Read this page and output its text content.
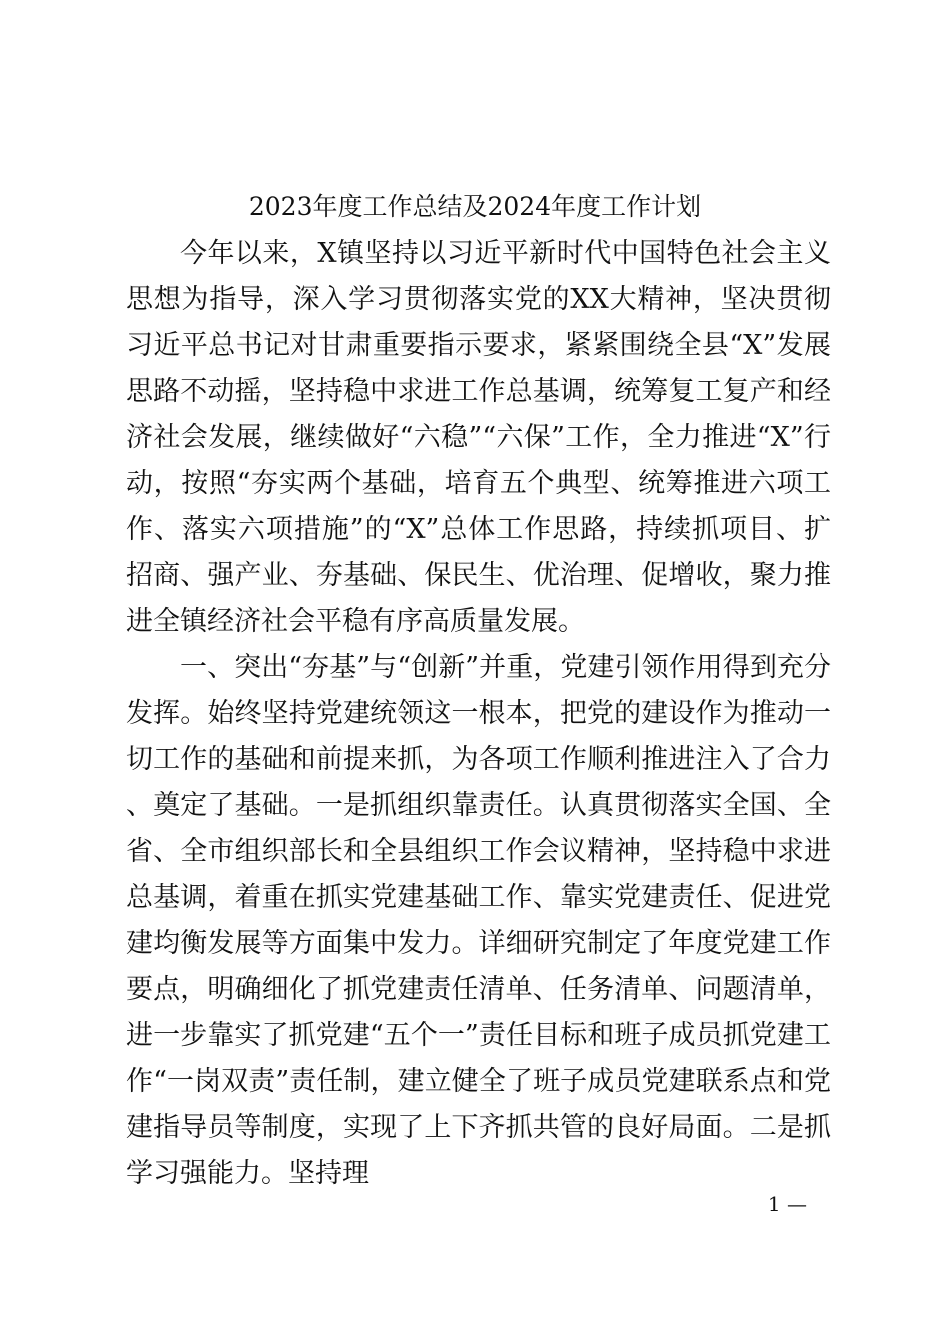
2023年度工作总结及2024年度工作计划

今年以来，X镇坚持以习近平新时代中国特色社会主义思想为指导，深入学习贯彻落实党的XX大精神，坚决贯彻习近平总书记对甘肃重要指示要求，紧紧围绕全县“X”发展思路不动摇，坚持稳中求进工作总基调，统筹复工复产和经济社会发展，继续做好“六稳”“六保”工作，全力推进“X”行动，按照“夯实两个基础，培育五个典型、统筹推进六项工作、落实六项措施”的“X”总体工作思路，持续抓项目、扩招商、强产业、夯基础、保民生、优治理、促增收，聚力推进全镇经济社会平稳有序高质量发展。

一、突出“夯基”与“创新”并重，党建引领作用得到充分发挥。始终坚持党建统领这一根本，把党的建设作为推动一切工作的基础和前提来抓，为各项工作顺利推进注入了合力、奠定了基础。一是抓组织靠责任。认真贯彻落实全国、全省、全市组织部长和全县组织工作会议精神，坚持稳中求进总基调，着重在抓实党建基础工作、靠实党建责任、促进党建均衡发展等方面集中发力。详细研究制定了年度党建工作要点，明确细化了抓党建责任清单、任务清单、问题清单，进一步靠实了抓党建“五个一”责任目标和班子成员抓党建工作“一岗双责”责任制，建立健全了班子成员党建联系点和党建指导员等制度，实现了上下齐抓共管的良好局面。二是抓学习强能力。坚持理

1 —
